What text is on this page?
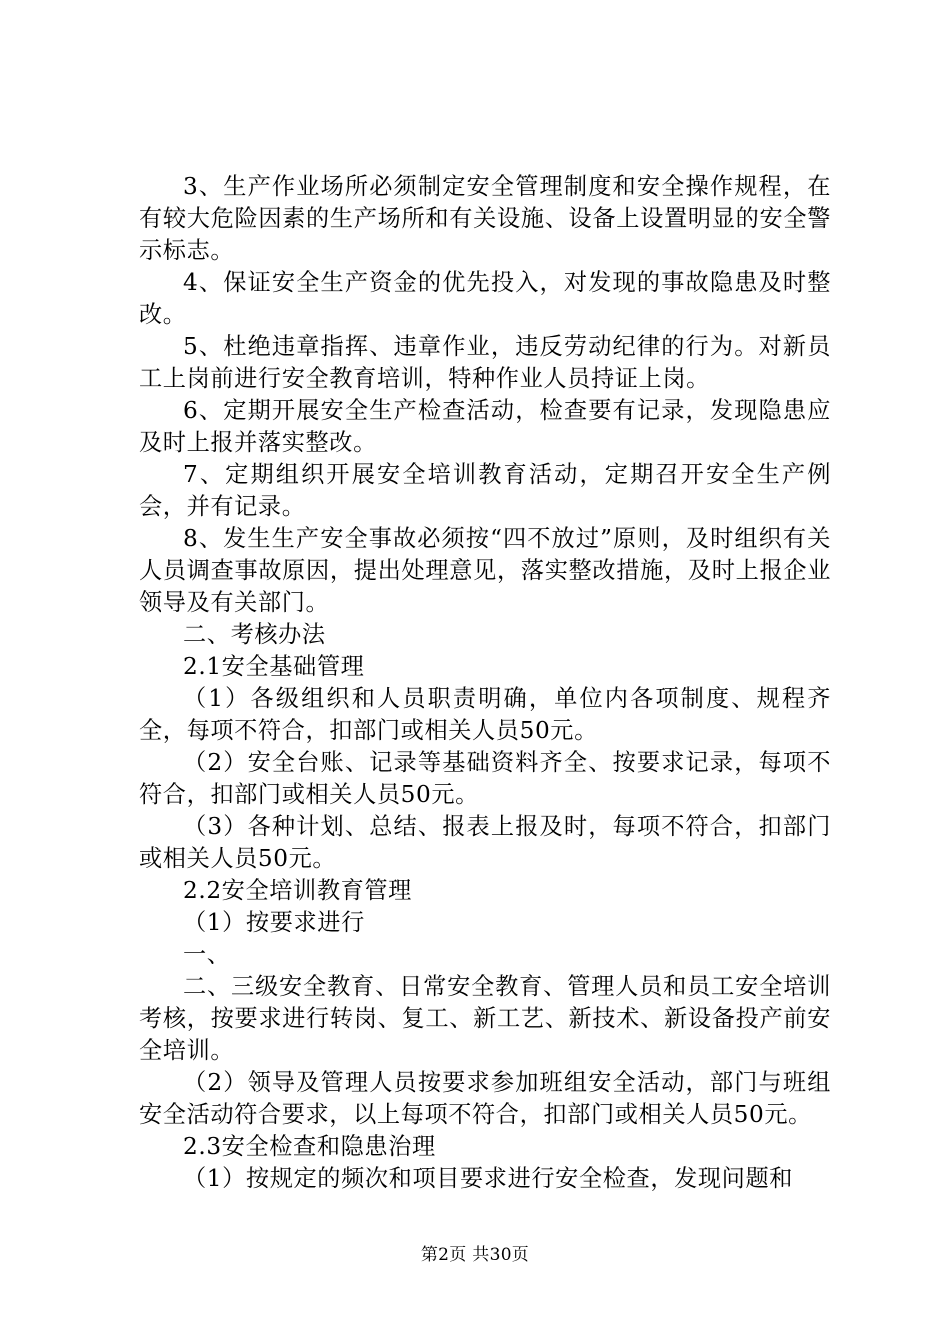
3、生产作业场所必须制定安全管理制度和安全操作规程，在有较大危险因素的生产场所和有关设施、设备上设置明显的安全警示标志。

4、保证安全生产资金的优先投入，对发现的事故隐患及时整改。

5、杜绝违章指挥、违章作业，违反劳动纪律的行为。对新员工上岗前进行安全教育培训，特种作业人员持证上岗。

6、定期开展安全生产检查活动，检查要有记录，发现隐患应及时上报并落实整改。

7、定期组织开展安全培训教育活动，定期召开安全生产例会，并有记录。

8、发生生产安全事故必须按“四不放过”原则，及时组织有关人员调查事故原因，提出处理意见，落实整改措施，及时上报企业领导及有关部门。

二、考核办法

2.1安全基础管理

（1）各级组织和人员职责明确，单位内各项制度、规程齐全，每项不符合，扣部门或相关人员50元。

（2）安全台账、记录等基础资料齐全、按要求记录，每项不符合，扣部门或相关人员50元。

（3）各种计划、总结、报表上报及时，每项不符合，扣部门或相关人员50元。

2.2安全培训教育管理

（1）按要求进行

一、

二、三级安全教育、日常安全教育、管理人员和员工安全培训考核，按要求进行转岗、复工、新工艺、新技术、新设备投产前安全培训。

（2）领导及管理人员按要求参加班组安全活动，部门与班组安全活动符合要求，以上每项不符合，扣部门或相关人员50元。

2.3安全检查和隐患治理

（1）按规定的频次和项目要求进行安全检查，发现问题和

第2页 共30页
